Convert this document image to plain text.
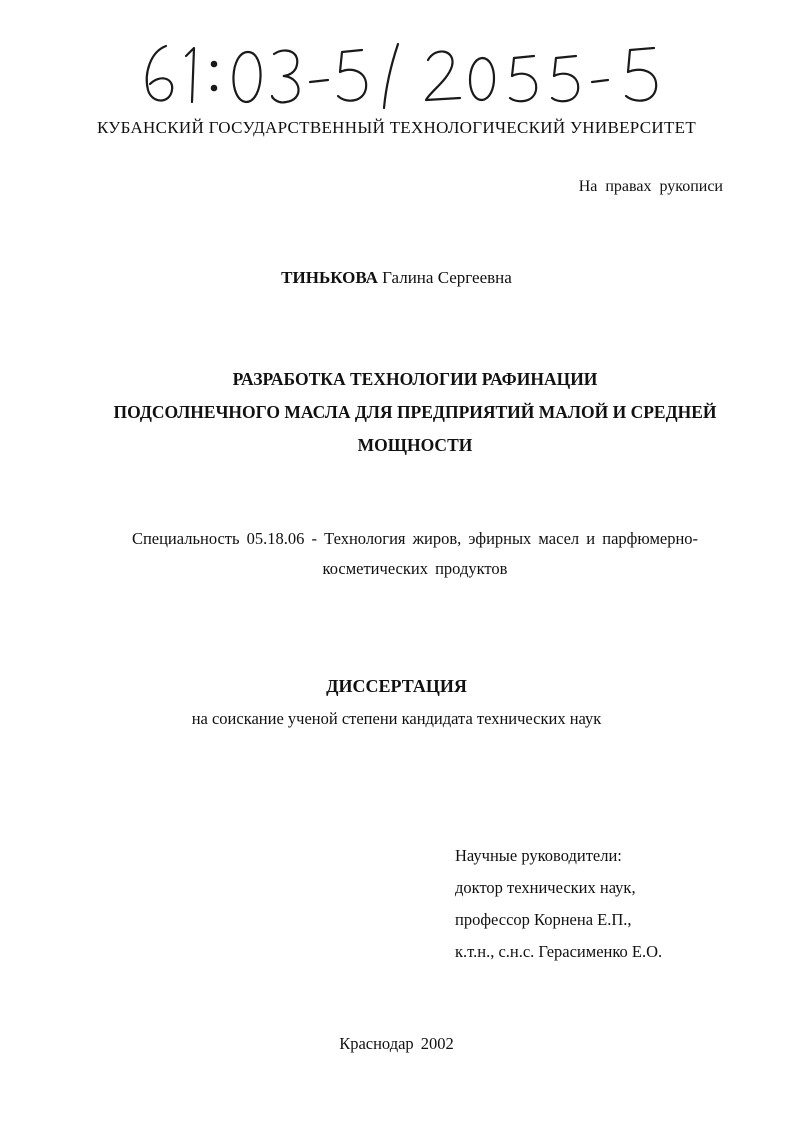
КУБАНСКИЙ ГОСУДАРСТВЕННЫЙ ТЕХНОЛОГИЧЕСКИЙ УНИВЕРСИТЕТ
На правах рукописи
ТИНЬКОВА Галина Сергеевна
РАЗРАБОТКА ТЕХНОЛОГИИ РАФИНАЦИИ
ПОДСОЛНЕЧНОГО МАСЛА ДЛЯ ПРЕДПРИЯТИЙ МАЛОЙ И СРЕДНЕЙ
МОЩНОСТИ
Специальность 05.18.06 - Технология жиров, эфирных масел и парфюмерно-
косметических продуктов
ДИССЕРТАЦИЯ
на соискание ученой степени кандидата технических наук
Научные руководители:
доктор технических наук,
профессор Корнена Е.П.,
к.т.н., с.н.с. Герасименко Е.О.
Краснодар 2002
